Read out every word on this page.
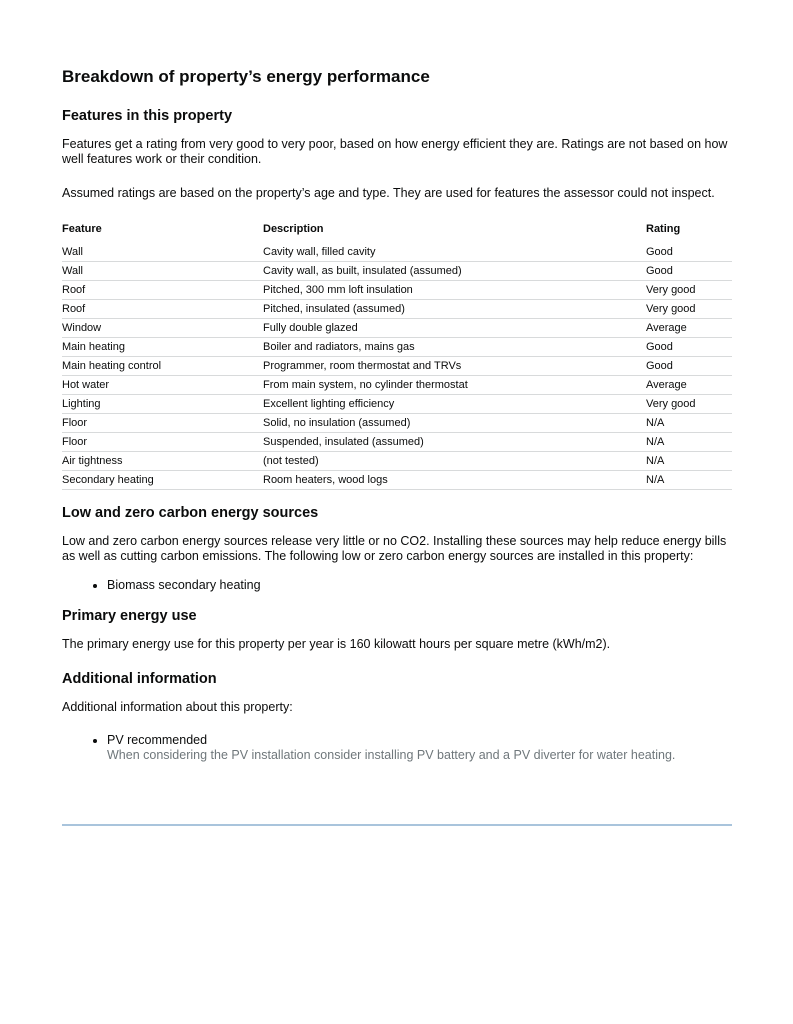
Breakdown of property’s energy performance
Features in this property

Features get a rating from very good to very poor, based on how energy efficient they are. Ratings are not based on how well features work or their condition.

Assumed ratings are based on the property’s age and type. They are used for features the assessor could not inspect.

Feature	Description	Rating
Wall	Cavity wall, filled cavity	Good
Wall	Cavity wall, as built, insulated (assumed)	Good
Roof	Pitched, 300 mm loft insulation	Very good
Roof	Pitched, insulated (assumed)	Very good
Window	Fully double glazed	Average
Main heating	Boiler and radiators, mains gas	Good
Main heating control	Programmer, room thermostat and TRVs	Good
Hot water	From main system, no cylinder thermostat	Average
Lighting	Excellent lighting efficiency	Very good
Floor	Solid, no insulation (assumed)	N/A
Floor	Suspended, insulated (assumed)	N/A
Air tightness	(not tested)	N/A
Secondary heating	Room heaters, wood logs	N/A
Low and zero carbon energy sources

Low and zero carbon energy sources release very little or no CO2. Installing these sources may help reduce energy bills as well as cutting carbon emissions. The following low or zero carbon energy sources are installed in this property:

• Biomass secondary heating
Primary energy use

The primary energy use for this property per year is 160 kilowatt hours per square metre (kWh/m2).

Additional information

Additional information about this property:

• PV recommended
When considering the PV installation consider installing PV battery and a PV diverter for water heating.
